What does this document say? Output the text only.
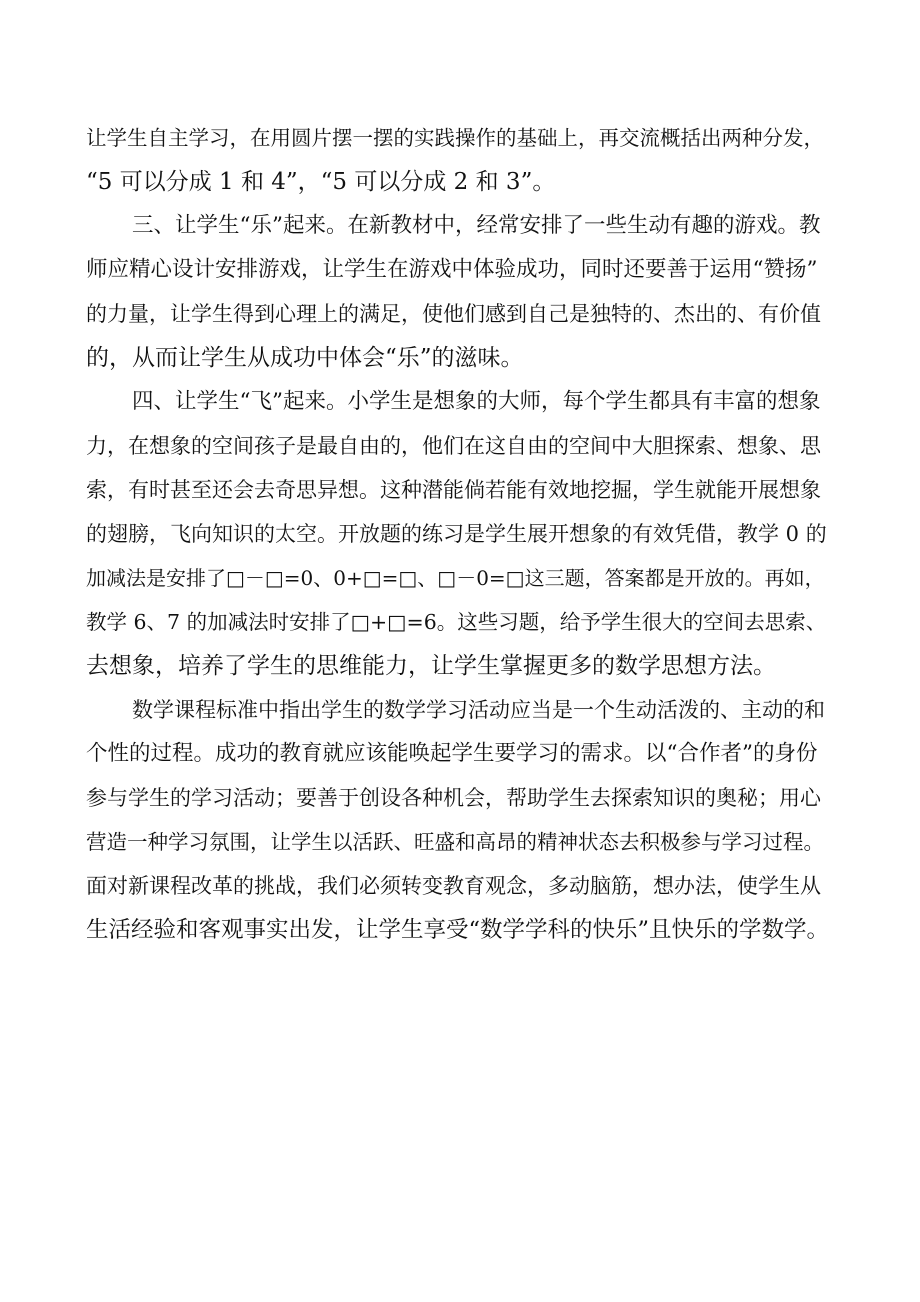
让学生自主学习，在用圆片摆一摆的实践操作的基础上，再交流概括出两种分发，
“5 可以分成 1 和 4”，“5 可以分成 2 和 3”。
三、让学生“乐”起来。在新教材中，经常安排了一些生动有趣的游戏。教
师应精心设计安排游戏，让学生在游戏中体验成功，同时还要善于运用“赞扬”
的力量，让学生得到心理上的满足，使他们感到自己是独特的、杰出的、有价值
的，从而让学生从成功中体会“乐”的滋味。
四、让学生“飞”起来。小学生是想象的大师，每个学生都具有丰富的想象
力，在想象的空间孩子是最自由的，他们在这自由的空间中大胆探索、想象、思
索，有时甚至还会去奇思异想。这种潜能倘若能有效地挖掘，学生就能开展想象
的翅膀，飞向知识的太空。开放题的练习是学生展开想象的有效凭借，教学 0 的
加减法是安排了□－□=0、0+□=□、□－0=□这三题，答案都是开放的。再如，
教学 6、7 的加减法时安排了□+□=6。这些习题，给予学生很大的空间去思索、
去想象，培养了学生的思维能力，让学生掌握更多的数学思想方法。
数学课程标准中指出学生的数学学习活动应当是一个生动活泼的、主动的和
个性的过程。成功的教育就应该能唤起学生要学习的需求。以“合作者”的身份
参与学生的学习活动；要善于创设各种机会，帮助学生去探索知识的奥秘；用心
营造一种学习氛围，让学生以活跃、旺盛和高昂的精神状态去积极参与学习过程。
面对新课程改革的挑战，我们必须转变教育观念，多动脑筋，想办法，使学生从
生活经验和客观事实出发，让学生享受“数学学科的快乐”且快乐的学数学。
